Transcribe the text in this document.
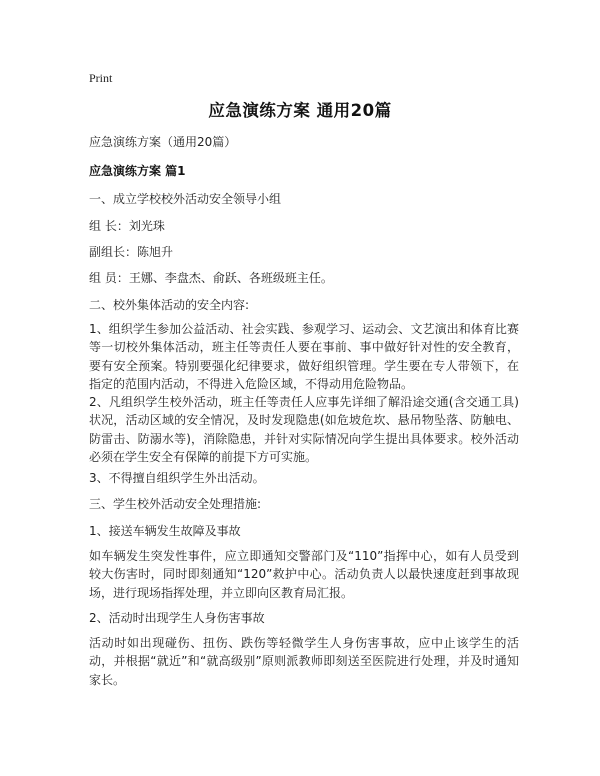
Print
应急演练方案 通用20篇
应急演练方案（通用20篇）
应急演练方案 篇1
一、成立学校校外活动安全领导小组
组 长：刘光珠
副组长：陈旭升
组 员：王娜、李盘杰、俞跃、各班级班主任。
二、校外集体活动的安全内容:
1、组织学生参加公益活动、社会实践、参观学习、运动会、文艺演出和体育比赛等一切校外集体活动，班主任等责任人要在事前、事中做好针对性的安全教育，要有安全预案。特别要强化纪律要求，做好组织管理。学生要在专人带领下，在指定的范围内活动，不得进入危险区域，不得动用危险物品。
2、凡组织学生校外活动，班主任等责任人应事先详细了解沿途交通(含交通工具)状况，活动区域的安全情况，及时发现隐患(如危坡危坎、悬吊物坠落、防触电、防雷击、防溺水等)，消除隐患，并针对实际情况向学生提出具体要求。校外活动必须在学生安全有保障的前提下方可实施。
3、不得擅自组织学生外出活动。
三、学生校外活动安全处理措施:
1、接送车辆发生故障及事故
如车辆发生突发性事件，应立即通知交警部门及“110”指挥中心，如有人员受到较大伤害时，同时即刻通知“120”救护中心。活动负责人以最快速度赶到事故现场，进行现场指挥处理，并立即向区教育局汇报。
2、活动时出现学生人身伤害事故
活动时如出现碰伤、扭伤、跌伤等轻微学生人身伤害事故，应中止该学生的活动，并根据“就近”和“就高级别”原则派教师即刻送至医院进行处理，并及时通知家长。
